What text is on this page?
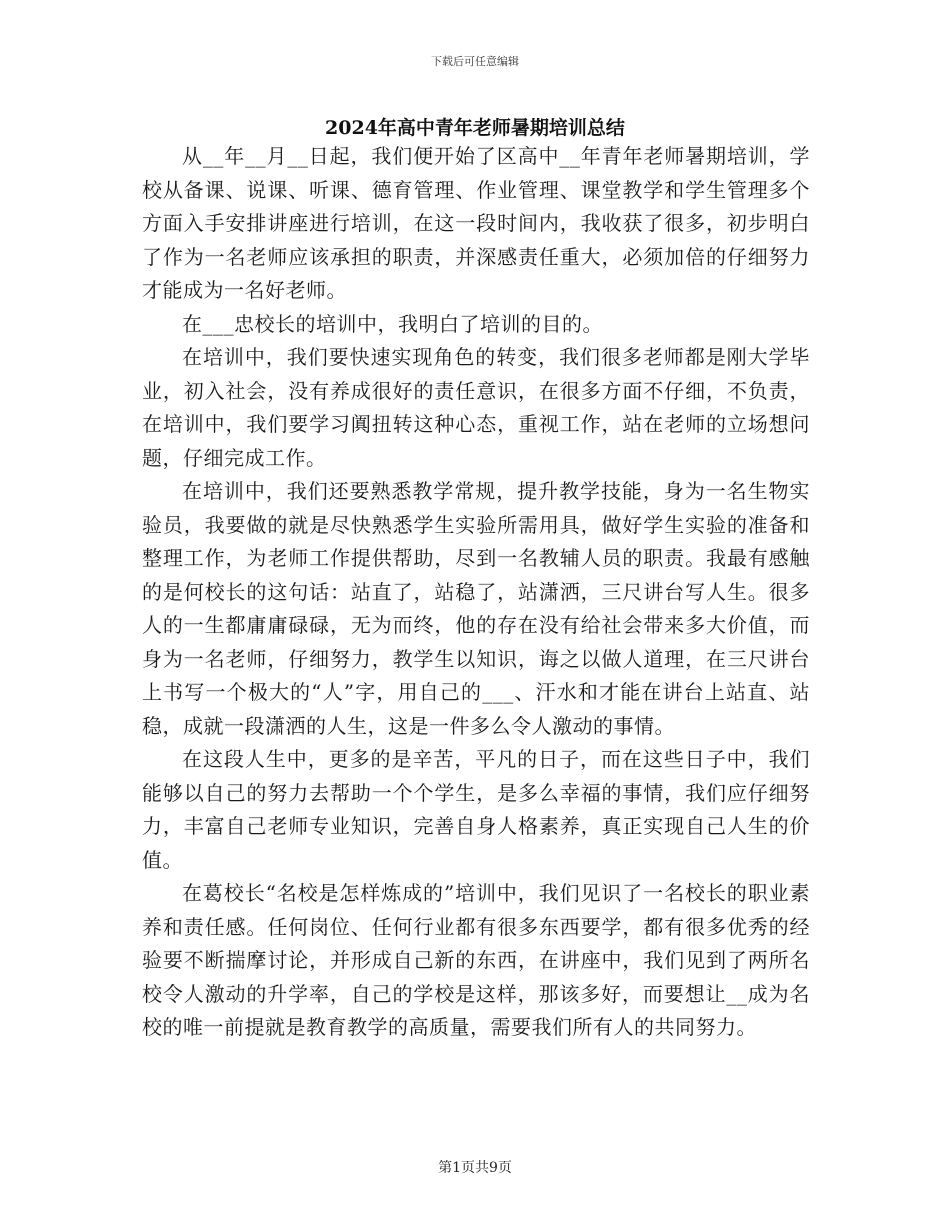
下载后可任意编辑
2024年高中青年老师暑期培训总结

从__年__月__日起，我们便开始了区高中__年青年老师暑期培训，学校从备课、说课、听课、德育管理、作业管理、课堂教学和学生管理多个方面入手安排讲座进行培训，在这一段时间内，我收获了很多，初步明白了作为一名老师应该承担的职责，并深感责任重大，必须加倍的仔细努力才能成为一名好老师。

在___忠校长的培训中，我明白了培训的目的。

在培训中，我们要快速实现角色的转变，我们很多老师都是刚大学毕业，初入社会，没有养成很好的责任意识，在很多方面不仔细，不负责，在培训中，我们要学习阗扭转这种心态，重视工作，站在老师的立场想问题，仔细完成工作。

在培训中，我们还要熟悉教学常规，提升教学技能，身为一名生物实验员，我要做的就是尽快熟悉学生实验所需用具，做好学生实验的准备和整理工作，为老师工作提供帮助，尽到一名教辅人员的职责。我最有感触的是何校长的这句话：站直了，站稳了，站潇洒，三尺讲台写人生。很多人的一生都庸庸碌碌，无为而终，他的存在没有给社会带来多大价值，而身为一名老师，仔细努力，教学生以知识，诲之以做人道理，在三尺讲台上书写一个极大的“人”字，用自己的___、汗水和才能在讲台上站直、站稳，成就一段潇洒的人生，这是一件多么令人激动的事情。

在这段人生中，更多的是辛苦，平凡的日子，而在这些日子中，我们能够以自己的努力去帮助一个个学生，是多么幸福的事情，我们应仔细努力，丰富自己老师专业知识，完善自身人格素养，真正实现自己人生的价值。

在葛校长“名校是怎样炼成的”培训中，我们见识了一名校长的职业素养和责任感。任何岗位、任何行业都有很多东西要学，都有很多优秀的经验要不断揣摩讨论，并形成自己新的东西，在讲座中，我们见到了两所名校令人激动的升学率，自己的学校是这样，那该多好，而要想让__成为名校的唯一前提就是教育教学的高质量，需要我们所有人的共同努力。

第1页共9页
